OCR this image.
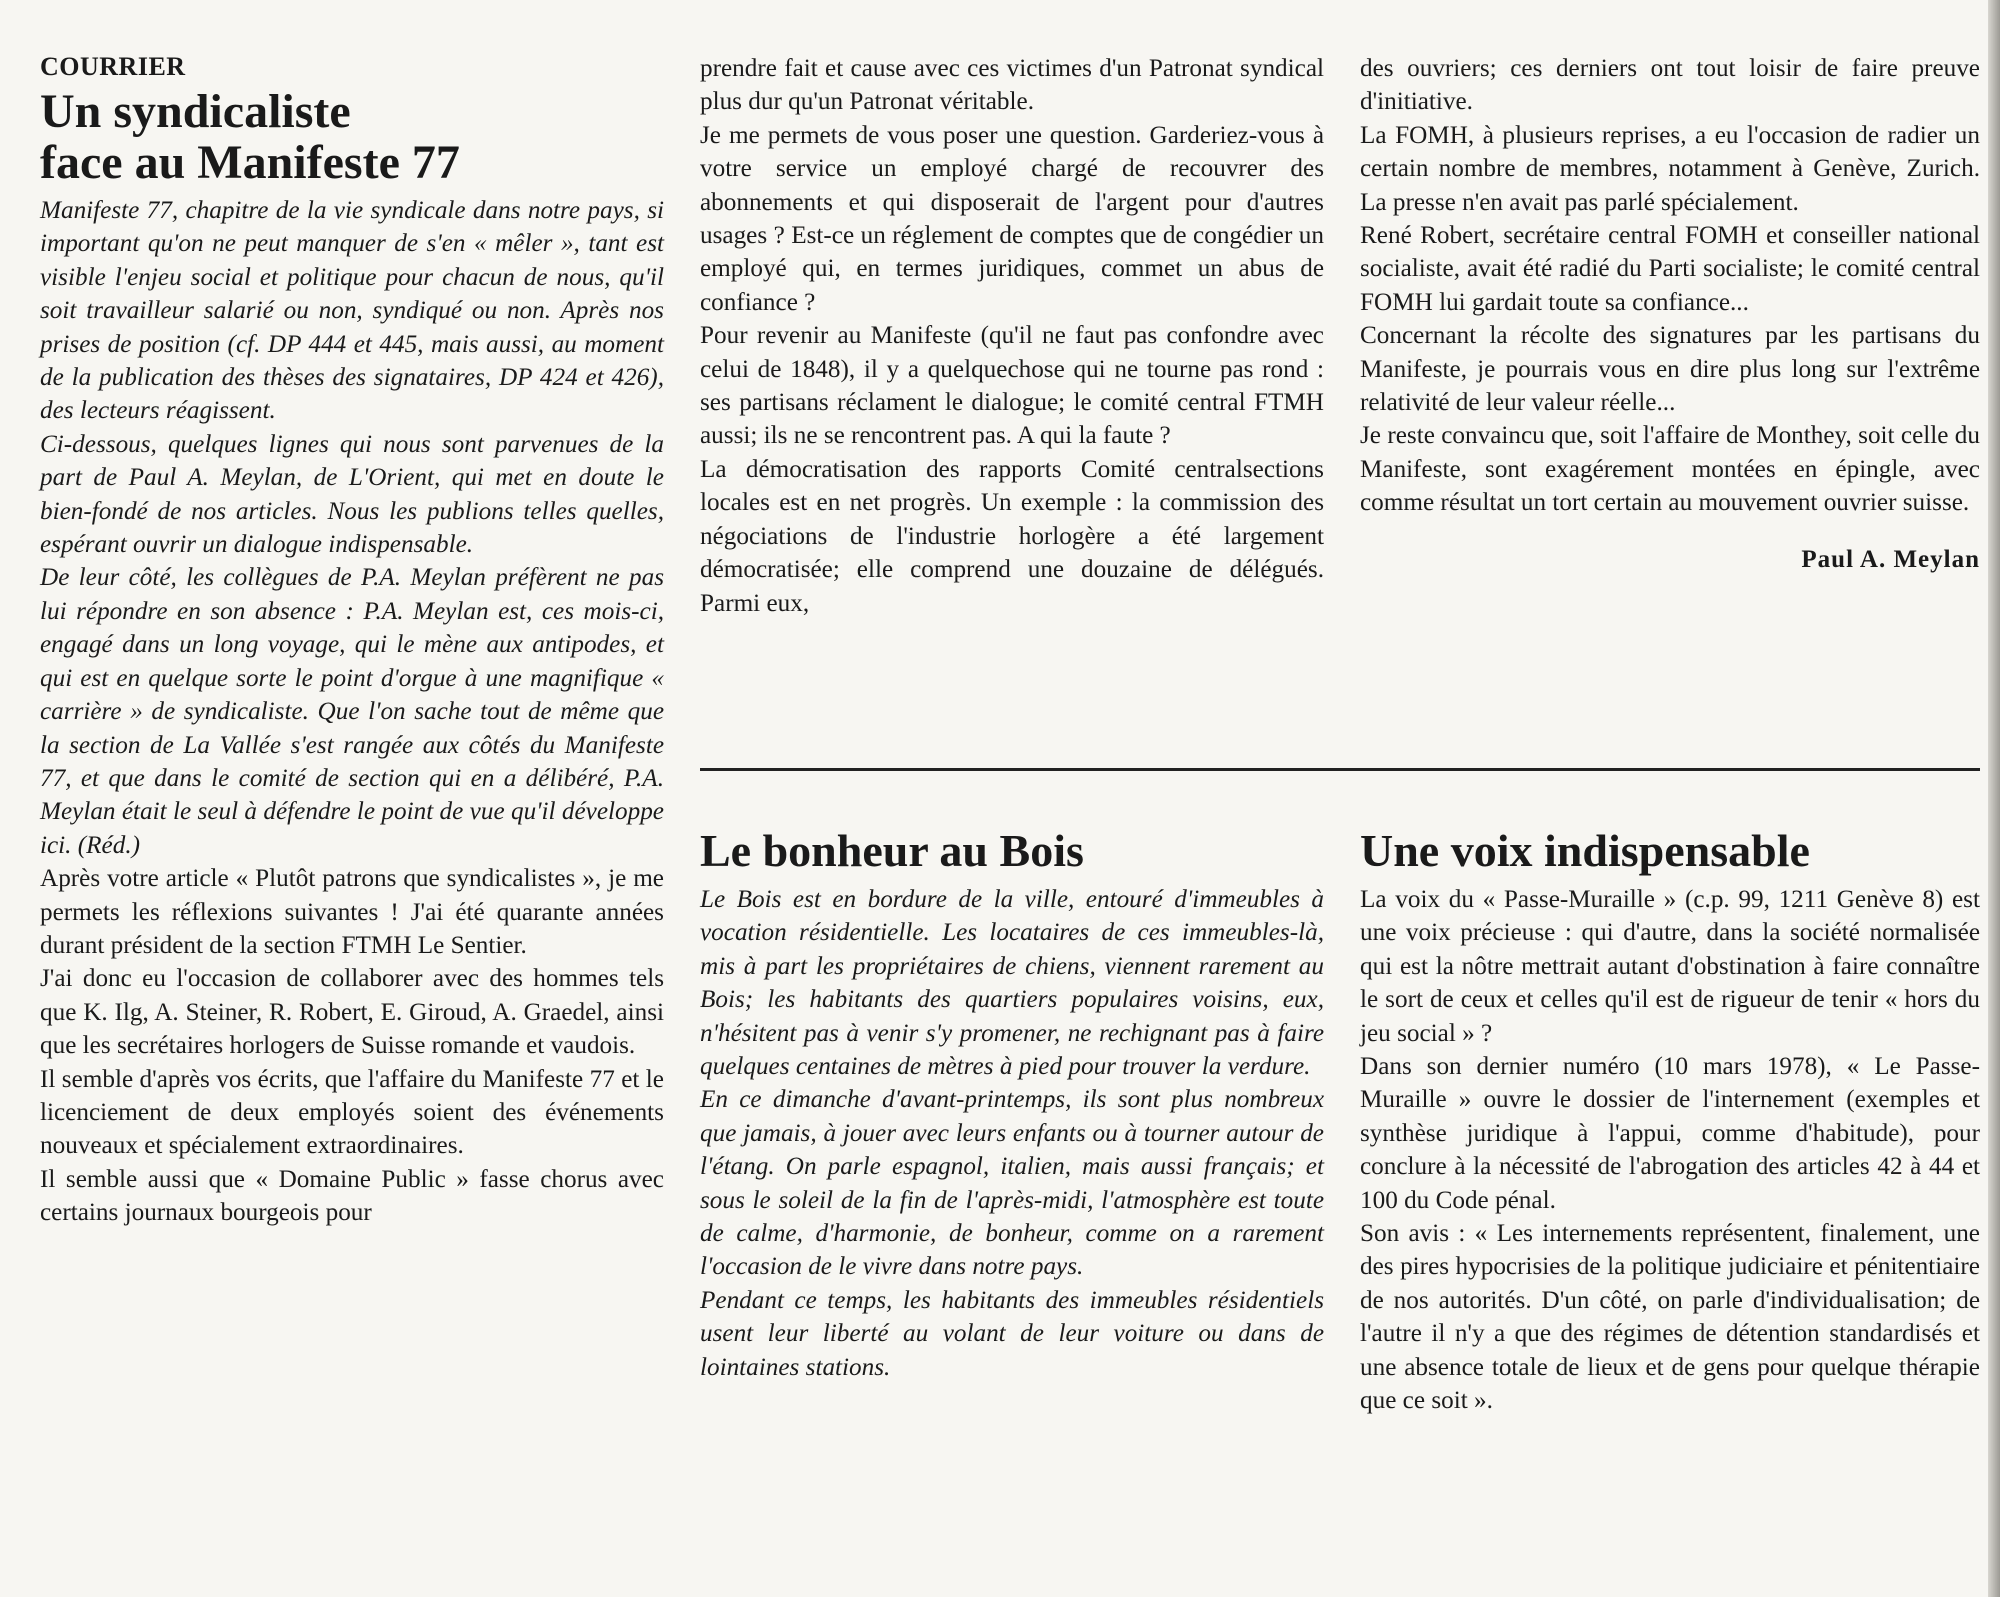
COURRIER
Un syndicaliste
face au Manifeste 77

Manifeste 77, chapitre de la vie syndicale dans notre pays, si important qu'on ne peut manquer de s'en « mêler », tant est visible l'enjeu social et politique pour chacun de nous, qu'il soit travailleur salarié ou non, syndiqué ou non. Après nos prises de position (cf. DP 444 et 445, mais aussi, au moment de la publication des thèses des signataires, DP 424 et 426), des lecteurs réagissent.

Ci-dessous, quelques lignes qui nous sont parvenues de la part de Paul A. Meylan, de L'Orient, qui met en doute le bien-fondé de nos articles. Nous les publions telles quelles, espérant ouvrir un dialogue indispensable.

De leur côté, les collègues de P.A. Meylan préfèrent ne pas lui répondre en son absence : P.A. Meylan est, ces mois-ci, engagé dans un long voyage, qui le mène aux antipodes, et qui est en quelque sorte le point d'orgue à une magnifique « carrière » de syndicaliste. Que l'on sache tout de même que la section de La Vallée s'est rangée aux côtés du Manifeste 77, et que dans le comité de section qui en a délibéré, P.A. Meylan était le seul à défendre le point de vue qu'il développe ici. (Réd.)

Après votre article « Plutôt patrons que syndicalistes », je me permets les réflexions suivantes ! J'ai été quarante années durant président de la section FTMH Le Sentier.

J'ai donc eu l'occasion de collaborer avec des hommes tels que K. Ilg, A. Steiner, R. Robert, E. Giroud, A. Graedel, ainsi que les secrétaires horlogers de Suisse romande et vaudois.

Il semble d'après vos écrits, que l'affaire du Manifeste 77 et le licenciement de deux employés soient des événements nouveaux et spécialement extraordinaires.

Il semble aussi que « Domaine Public » fasse chorus avec certains journaux bourgeois pour

prendre fait et cause avec ces victimes d'un Patronat syndical plus dur qu'un Patronat véritable.

Je me permets de vous poser une question. Garderiez-vous à votre service un employé chargé de recouvrer des abonnements et qui disposerait de l'argent pour d'autres usages ? Est-ce un réglement de comptes que de congédier un employé qui, en termes juridiques, commet un abus de confiance ?

Pour revenir au Manifeste (qu'il ne faut pas confondre avec celui de 1848), il y a quelquechose qui ne tourne pas rond : ses partisans réclament le dialogue; le comité central FTMH aussi; ils ne se rencontrent pas. A qui la faute ?

La démocratisation des rapports Comité centralsections locales est en net progrès. Un exemple : la commission des négociations de l'industrie horlogère a été largement démocratisée; elle comprend une douzaine de délégués. Parmi eux,

des ouvriers; ces derniers ont tout loisir de faire preuve d'initiative.

La FOMH, à plusieurs reprises, a eu l'occasion de radier un certain nombre de membres, notamment à Genève, Zurich. La presse n'en avait pas parlé spécialement.

René Robert, secrétaire central FOMH et conseiller national socialiste, avait été radié du Parti socialiste; le comité central FOMH lui gardait toute sa confiance...

Concernant la récolte des signatures par les partisans du Manifeste, je pourrais vous en dire plus long sur l'extrême relativité de leur valeur réelle...

Je reste convaincu que, soit l'affaire de Monthey, soit celle du Manifeste, sont exagérement montées en épingle, avec comme résultat un tort certain au mouvement ouvrier suisse.

Paul A. Meylan
Le bonheur au Bois

Le Bois est en bordure de la ville, entouré d'immeubles à vocation résidentielle. Les locataires de ces immeubles-là, mis à part les propriétaires de chiens, viennent rarement au Bois; les habitants des quartiers populaires voisins, eux, n'hésitent pas à venir s'y promener, ne rechignant pas à faire quelques centaines de mètres à pied pour trouver la verdure.

En ce dimanche d'avant-printemps, ils sont plus nombreux que jamais, à jouer avec leurs enfants ou à tourner autour de l'étang. On parle espagnol, italien, mais aussi français; et sous le soleil de la fin de l'après-midi, l'atmosphère est toute de calme, d'harmonie, de bonheur, comme on a rarement l'occasion de le vivre dans notre pays.

Pendant ce temps, les habitants des immeubles résidentiels usent leur liberté au volant de leur voiture ou dans de lointaines stations.

Une voix indispensable

La voix du « Passe-Muraille » (c.p. 99, 1211 Genève 8) est une voix précieuse : qui d'autre, dans la société normalisée qui est la nôtre mettrait autant d'obstination à faire connaître le sort de ceux et celles qu'il est de rigueur de tenir « hors du jeu social » ?

Dans son dernier numéro (10 mars 1978), « Le Passe-Muraille » ouvre le dossier de l'internement (exemples et synthèse juridique à l'appui, comme d'habitude), pour conclure à la nécessité de l'abrogation des articles 42 à 44 et 100 du Code pénal.

Son avis : « Les internements représentent, finalement, une des pires hypocrisies de la politique judiciaire et pénitentiaire de nos autorités. D'un côté, on parle d'individualisation; de l'autre il n'y a que des régimes de détention standardisés et une absence totale de lieux et de gens pour quelque thérapie que ce soit ».
